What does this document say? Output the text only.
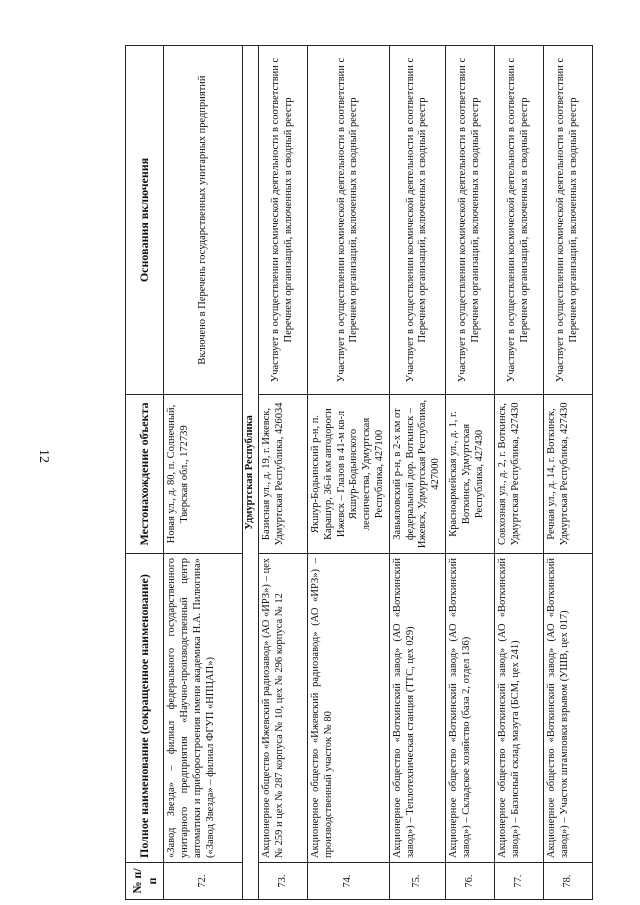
12
№ п/п	Полное наименование (сокращенное наименование)	Местонахождение объекта	Основания включения
72.	«Завод Звезда» – филиал федерального государственного унитарного предприятия «Научно-производственный центр автоматики и приборостроения имени академика Н.А. Пилюгина» («Завод Звезда» – филиал ФГУП «НПЦАП»)	Новая ул., д. 80, п. Солнечный, Тверская обл., 172739	Включено в Перечень государственных унитарных предприятий
Удмуртская Республика			
73.	Акционерное общество «Ижевский радиозавод» (АО «ИРЗ») – цех № 259 и цех № 287 корпуса № 10, цех № 296 корпуса № 12	Базисная ул., д. 19, г. Ижевск, Удмуртская Республика, 426034	Участвует в осуществлении космической деятельности в соответствии с Перечнем организаций, включенных в сводный реестр
74.	Акционерное общество «Ижевский радиозавод» (АО «ИРЗ») – производственный участок № 80	Якшур-Бодьинский р-н, п. Карашур, 36-й км автодороги Ижевск – Глазов в 41-м кв-л Якшур-Бодьинского лесничества, Удмуртская Республика, 427100	Участвует в осуществлении космической деятельности в соответствии с Перечнем организаций, включенных в сводный реестр
75.	Акционерное общество «Воткинский завод» (АО «Воткинский завод») – Теплотехническая станция (ТТС, цех 029)	Завьяловский р-н, в 2-х км от федеральной дор. Воткинск –Ижевск, Удмуртская Республика, 427000	Участвует в осуществлении космической деятельности в соответствии с Перечнем организаций, включенных в сводный реестр
76.	Акционерное общество «Воткинский завод» (АО «Воткинский завод») – Складское хозяйство (база 2, отдел 136)	Красноармейская ул., д. 1, г. Воткинск, Удмуртская Республика, 427430	Участвует в осуществлении космической деятельности в соответствии с Перечнем организаций, включенных в сводный реестр
77.	Акционерное общество «Воткинский завод» (АО «Воткинский завод») – Базисный склад мазута (БСМ, цех 241)	Совхозная ул., д. 2, г. Воткинск, Удмуртская Республика, 427430	Участвует в осуществлении космической деятельности в соответствии с Перечнем организаций, включенных в сводный реестр
78.	Акционерное общество «Воткинский завод» (АО «Воткинский завод») – Участок штамповки взрывом (УШВ, цех 017)	Речная ул., д. 14, г. Воткинск, Удмуртская Республика, 427430	Участвует в осуществлении космической деятельности в соответствии с Перечнем организаций, включенных в сводный реестр
